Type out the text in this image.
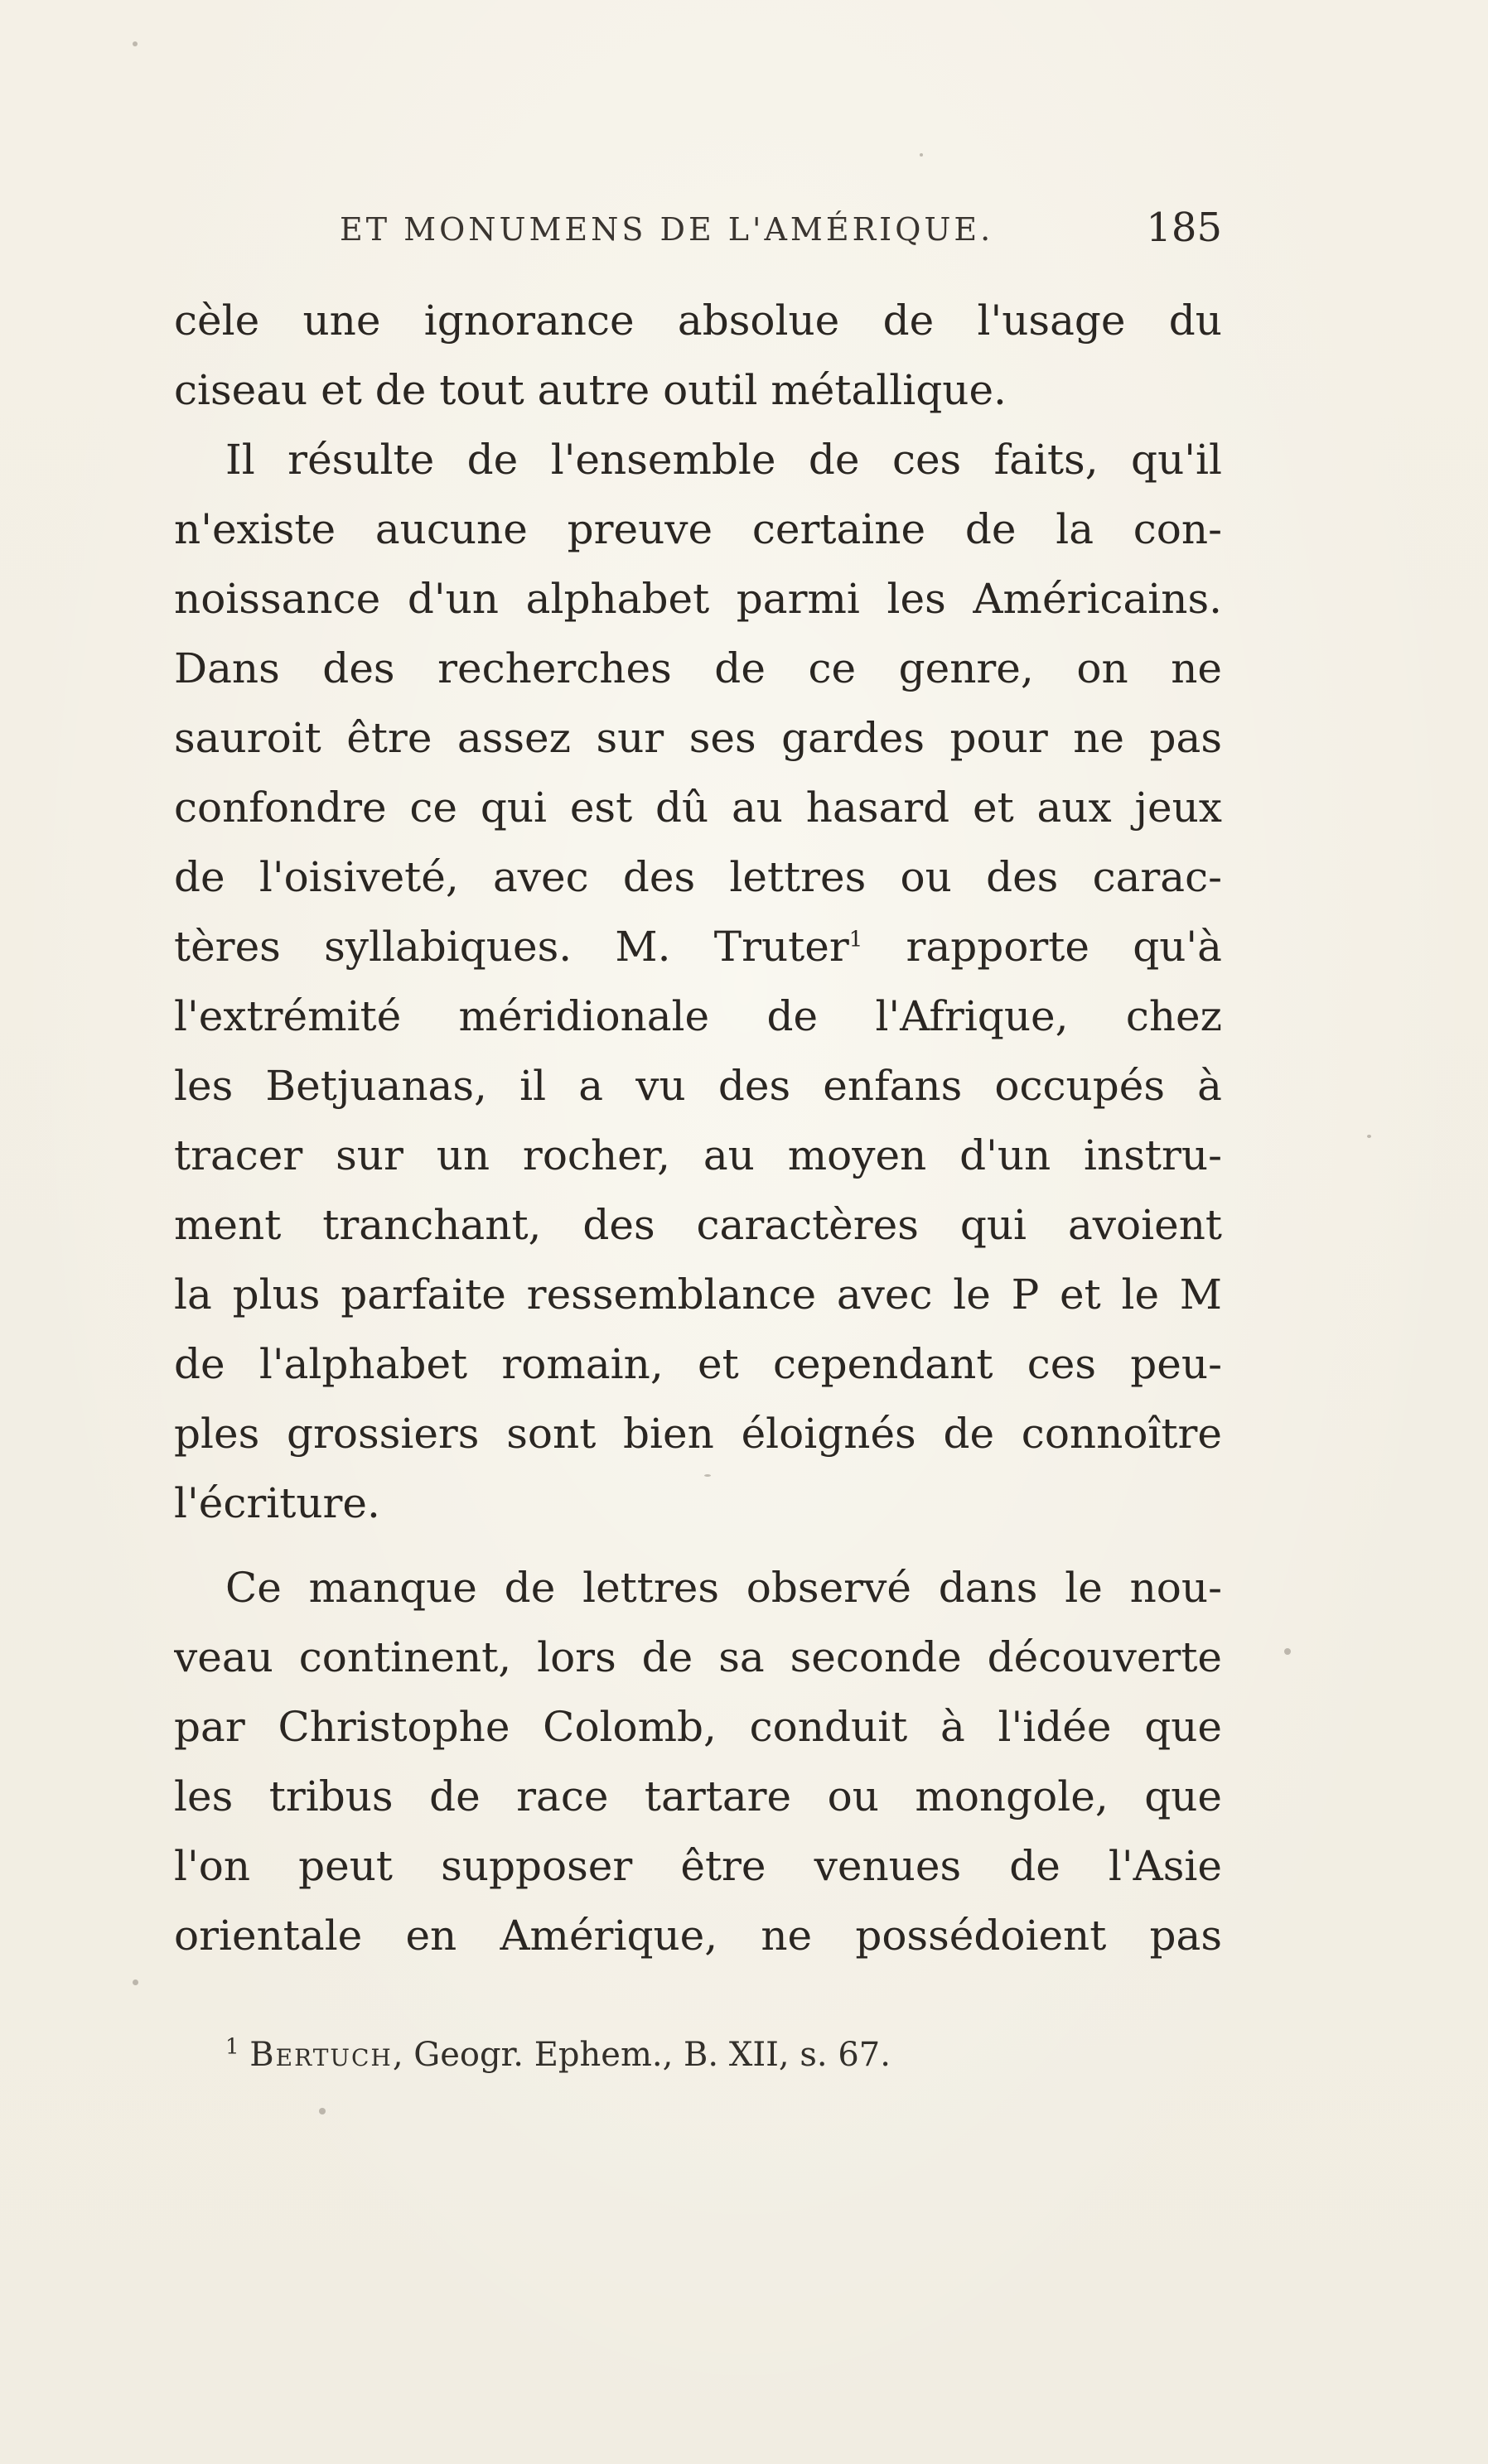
ET MONUMENS DE L'AMÉRIQUE.	185
cèle une ignorance absolue de l'usage du
ciseau et de tout autre outil métallique.
Il résulte de l'ensemble de ces faits, qu'il
n'existe aucune preuve certaine de la con-
noissance d'un alphabet parmi les Américains.
Dans des recherches de ce genre, on ne
sauroit être assez sur ses gardes pour ne pas
confondre ce qui est dû au hasard et aux jeux
de l'oisiveté, avec des lettres ou des carac-
tères syllabiques. M. Truter$^1$ rapporte qu'à
l'extrémité méridionale de l'Afrique, chez
les Betjuanas, il a vu des enfans occupés à
tracer sur un rocher, au moyen d'un instru-
ment tranchant, des caractères qui avoient
la plus parfaite ressemblance avec le P et le M
de l'alphabet romain, et cependant ces peu-
ples grossiers sont bien éloignés de connoître
l'écriture.
Ce manque de lettres observé dans le nou-
veau continent, lors de sa seconde découverte
par Christophe Colomb, conduit à l'idée que
les tribus de race tartare ou mongole, que
l'on peut supposer être venues de l'Asie
orientale en Amérique, ne possédoient pas
$^1$ Bertuch, Geogr. Ephem., B. XII, s. 67.
